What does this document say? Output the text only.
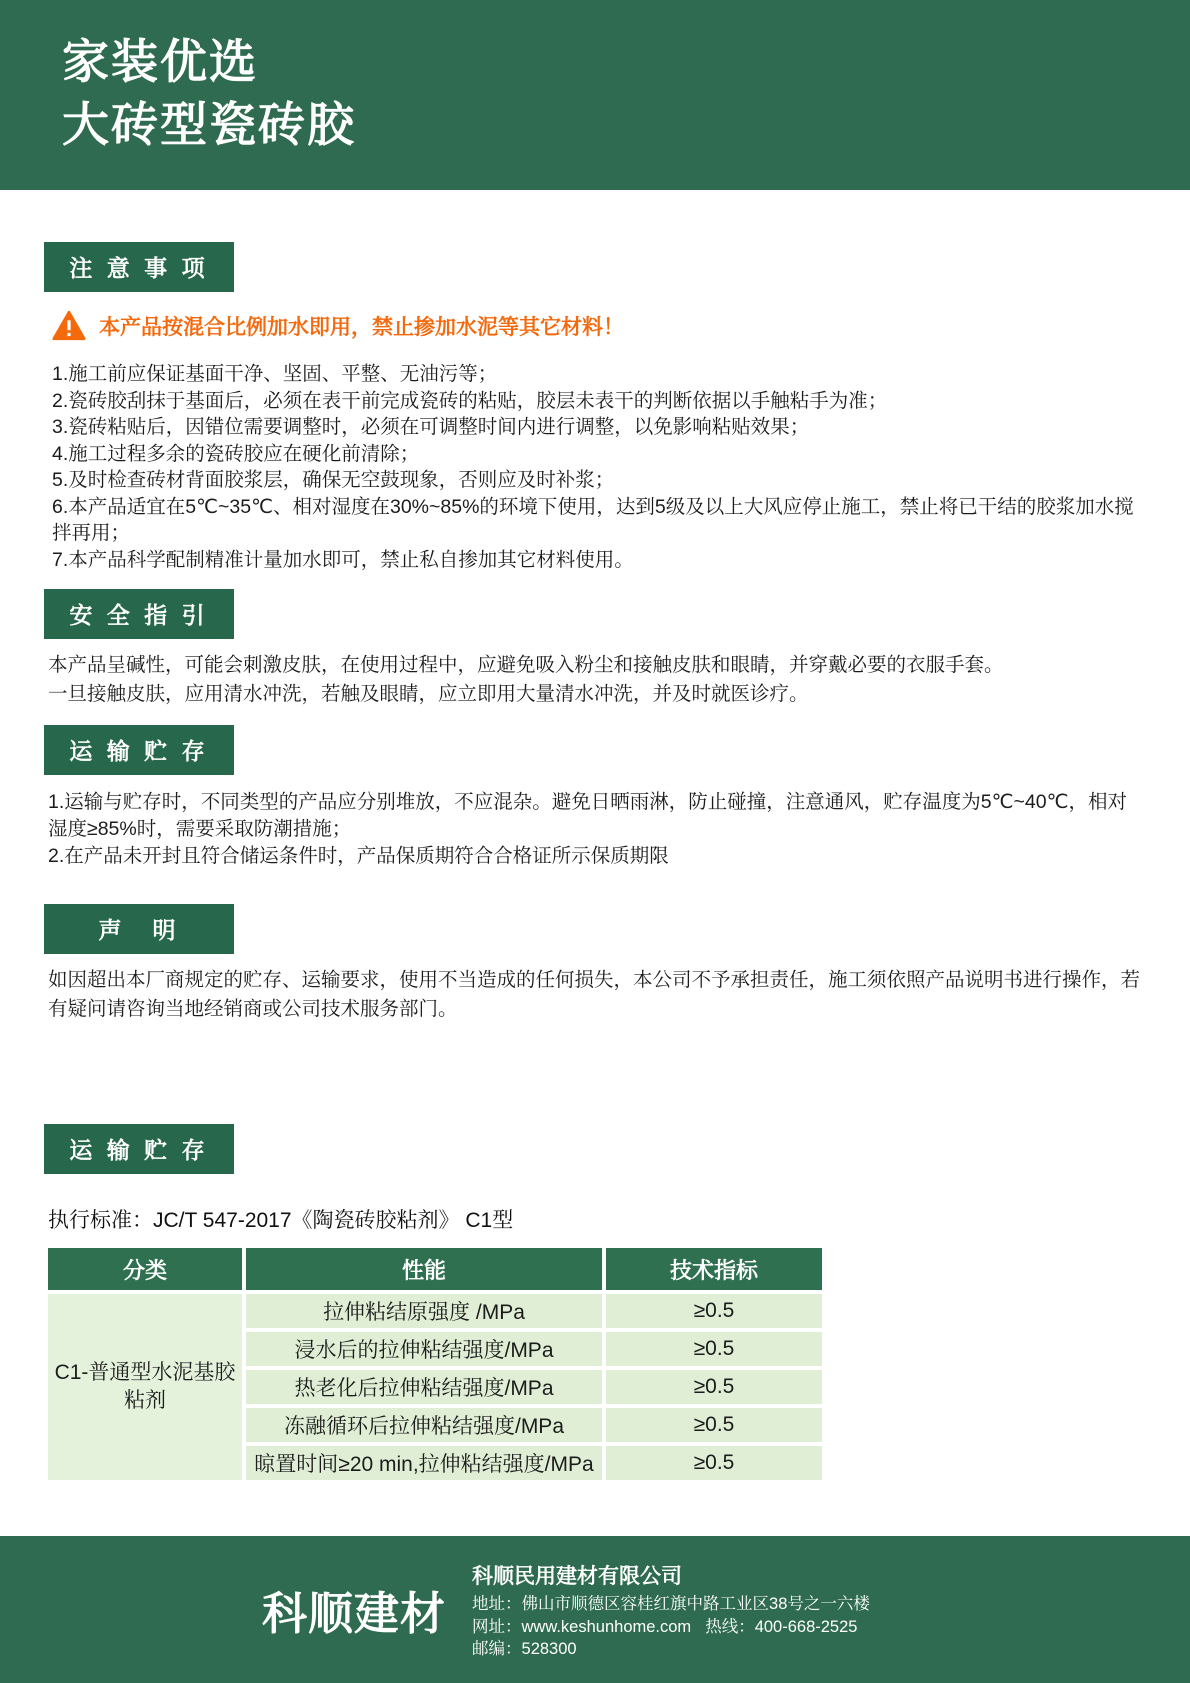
家装优选
大砖型瓷砖胶
注 意 事 项
本产品按混合比例加水即用，禁止掺加水泥等其它材料！
1.施工前应保证基面干净、坚固、平整、无油污等；
2.瓷砖胶刮抹于基面后，必须在表干前完成瓷砖的粘贴，胶层未表干的判断依据以手触粘手为准；
3.瓷砖粘贴后，因错位需要调整时，必须在可调整时间内进行调整，以免影响粘贴效果；
4.施工过程多余的瓷砖胶应在硬化前清除；
5.及时检查砖材背面胶浆层，确保无空鼓现象，否则应及时补浆；
6.本产品适宜在5℃~35℃、相对湿度在30%~85%的环境下使用，达到5级及以上大风应停止施工，禁止将已干结的胶浆加水搅拌再用；
7.本产品科学配制精准计量加水即可，禁止私自掺加其它材料使用。
安 全 指 引
本产品呈碱性，可能会刺激皮肤，在使用过程中，应避免吸入粉尘和接触皮肤和眼睛，并穿戴必要的衣服手套。
一旦接触皮肤，应用清水冲洗，若触及眼睛，应立即用大量清水冲洗，并及时就医诊疗。
运 输 贮 存
1.运输与贮存时，不同类型的产品应分别堆放，不应混杂。避免日晒雨淋，防止碰撞，注意通风，贮存温度为5℃~40℃，相对湿度≥85%时，需要采取防潮措施；
2.在产品未开封且符合储运条件时，产品保质期符合合格证所示保质期限
声　明
如因超出本厂商规定的贮存、运输要求，使用不当造成的任何损失，本公司不予承担责任，施工须依照产品说明书进行操作，若有疑问请咨询当地经销商或公司技术服务部门。
运 输 贮 存
执行标准：JC/T 547-2017《陶瓷砖胶粘剂》 C1型
分类	性能	技术指标
C1-普通型水泥基胶粘剂	拉伸粘结原强度 /MPa	≥0.5
	浸水后的拉伸粘结强度/MPa	≥0.5
	热老化后拉伸粘结强度/MPa	≥0.5
	冻融循环后拉伸粘结强度/MPa	≥0.5
	晾置时间≥20 min,拉伸粘结强度/MPa	≥0.5
科顺建材
科顺民用建材有限公司
地址：佛山市顺德区容桂红旗中路工业区38号之一六楼
网址：www.keshunhome.com 热线：400-668-2525
邮编：528300
